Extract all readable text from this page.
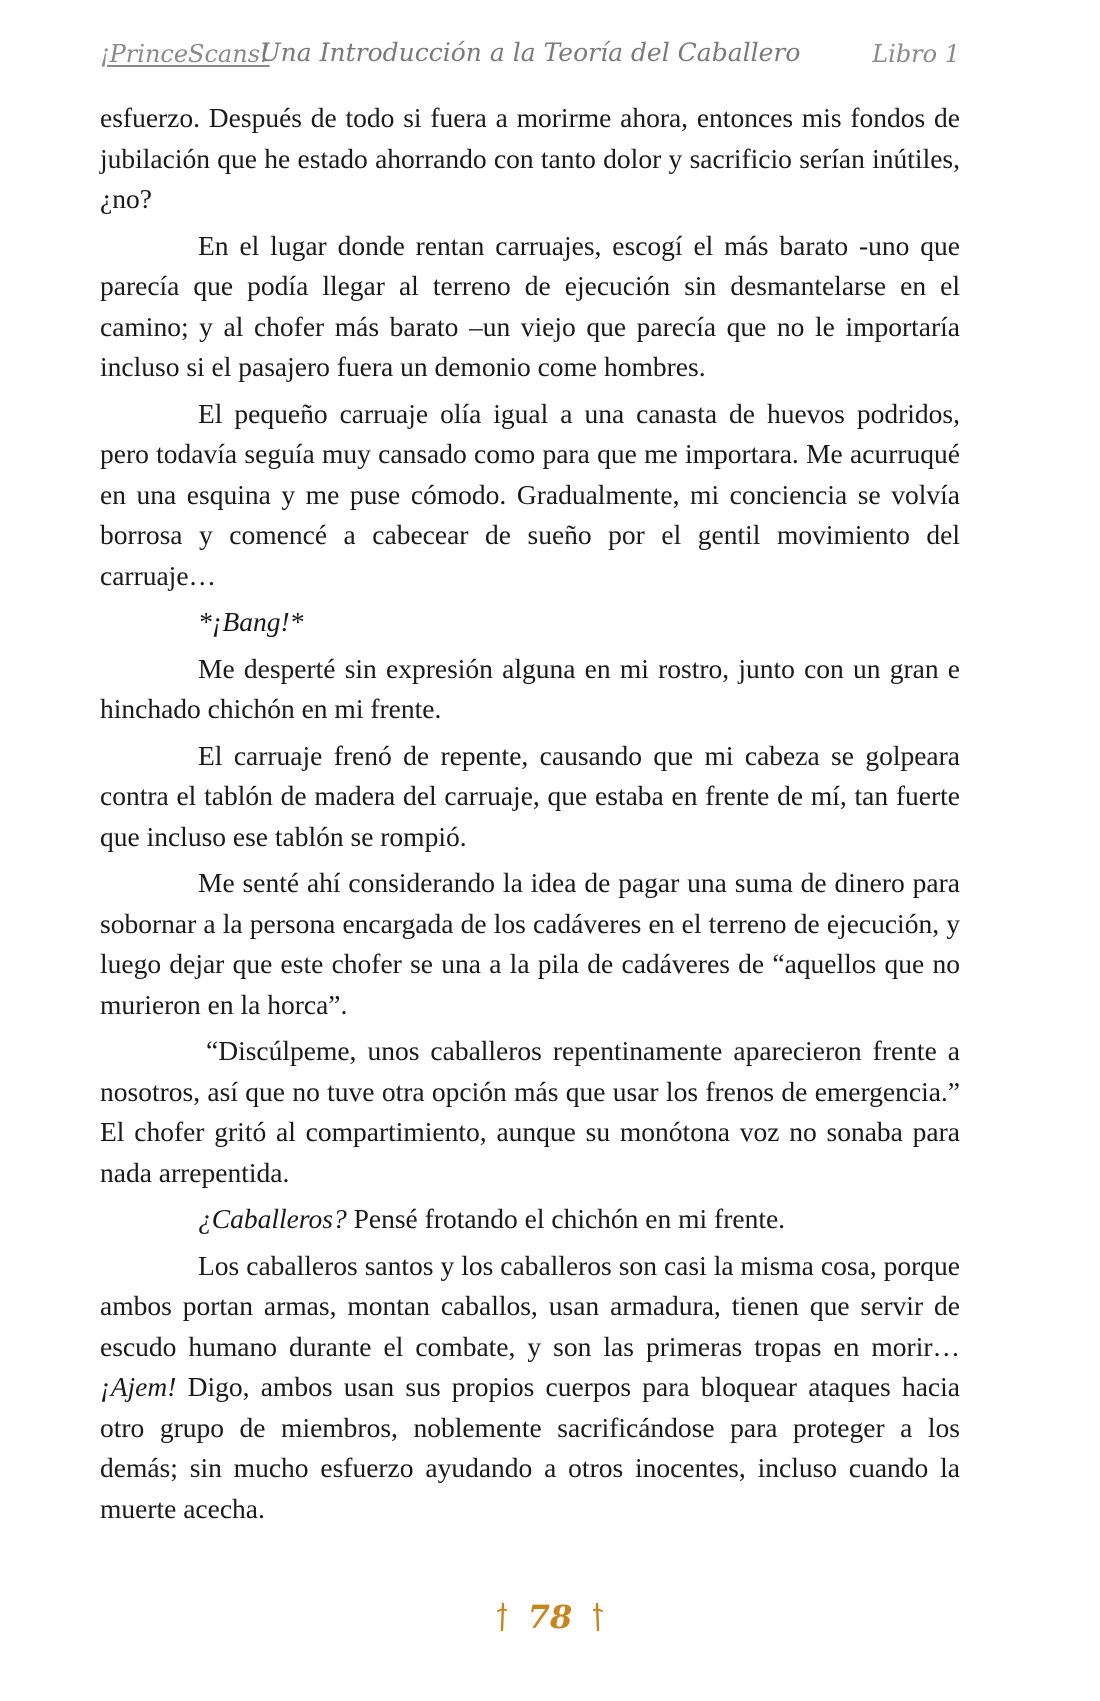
¡PrinceScans!
Una Introducción a la Teoría del Caballero	Libro 1

esfuerzo. Después de todo si fuera a morirme ahora, entonces mis fondos de jubilación que he estado ahorrando con tanto dolor y sacrificio serían inútiles, ¿no?

En el lugar donde rentan carruajes, escogí el más barato -uno que parecía que podía llegar al terreno de ejecución sin desmantelarse en el camino; y al chofer más barato –un viejo que parecía que no le importaría incluso si el pasajero fuera un demonio come hombres.

El pequeño carruaje olía igual a una canasta de huevos podridos, pero todavía seguía muy cansado como para que me importara. Me acurruqué en una esquina y me puse cómodo. Gradualmente, mi conciencia se volvía borrosa y comencé a cabecear de sueño por el gentil movimiento del carruaje…

*¡Bang!*

Me desperté sin expresión alguna en mi rostro, junto con un gran e hinchado chichón en mi frente.

El carruaje frenó de repente, causando que mi cabeza se golpeara contra el tablón de madera del carruaje, que estaba en frente de mí, tan fuerte que incluso ese tablón se rompió.

Me senté ahí considerando la idea de pagar una suma de dinero para sobornar a la persona encargada de los cadáveres en el terreno de ejecución, y luego dejar que este chofer se una a la pila de cadáveres de “aquellos que no murieron en la horca”.

“Discúlpeme, unos caballeros repentinamente aparecieron frente a nosotros, así que no tuve otra opción más que usar los frenos de emergencia.” El chofer gritó al compartimiento, aunque su monótona voz no sonaba para nada arrepentida.

¿Caballeros? Pensé frotando el chichón en mi frente.

Los caballeros santos y los caballeros son casi la misma cosa, porque ambos portan armas, montan caballos, usan armadura, tienen que servir de escudo humano durante el combate, y son las primeras tropas en morir… ¡Ajem! Digo, ambos usan sus propios cuerpos para bloquear ataques hacia otro grupo de miembros, noblemente sacrificándose para proteger a los demás; sin mucho esfuerzo ayudando a otros inocentes, incluso cuando la muerte acecha.

78
